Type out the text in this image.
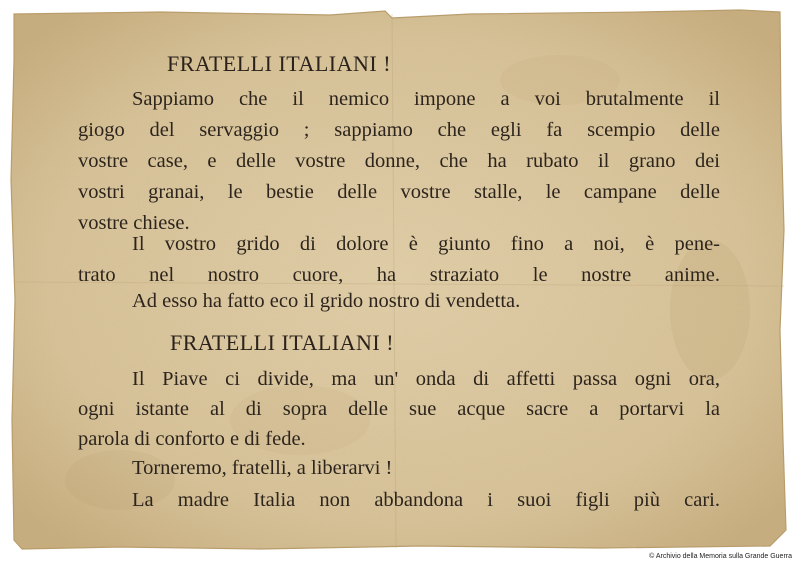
FRATELLI ITALIANI !
Sappiamo che il nemico impone a voi brutalmente il
giogo del servaggio ; sappiamo che egli fa scempio delle
vostre case, e delle vostre donne, che ha rubato il grano dei
vostri granai, le bestie delle vostre stalle, le campane delle
vostre chiese.
Il vostro grido di dolore è giunto fino a noi, è pene-
trato nel nostro cuore, ha straziato le nostre anime.
Ad esso ha fatto eco il grido nostro di vendetta.
FRATELLI ITALIANI !
Il Piave ci divide, ma un' onda di affetti passa ogni ora,
ogni istante al di sopra delle sue acque sacre a portarvi la
parola di conforto e di fede.
Torneremo, fratelli, a liberarvi !
La madre Italia non abbandona i suoi figli più cari.
© Archivio della Memoria sulla Grande Guerra
